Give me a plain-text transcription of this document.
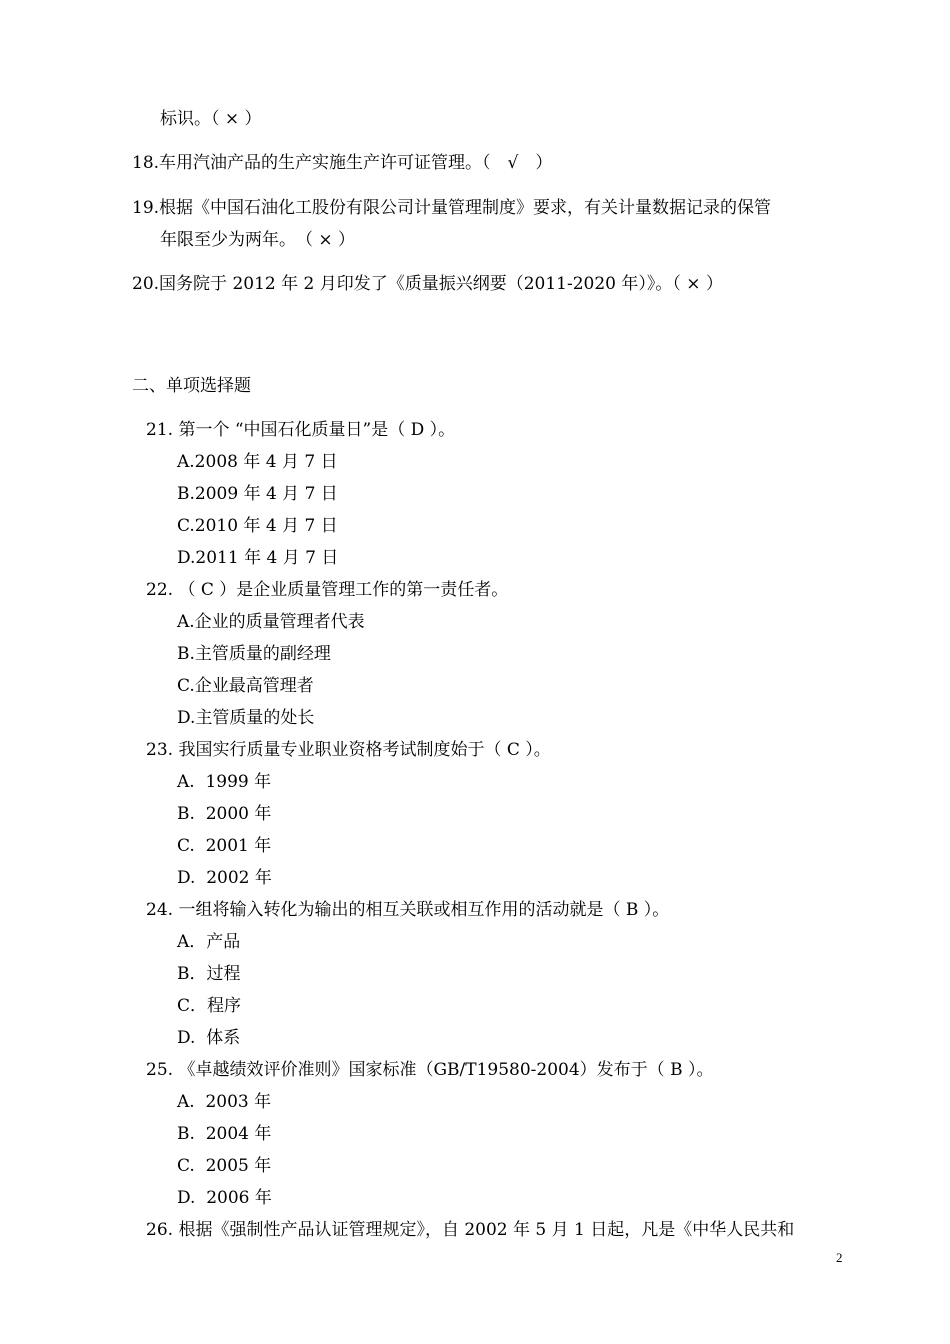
标识。（ × ）
18.车用汽油产品的生产实施生产许可证管理。（　√　）
19.根据《中国石油化工股份有限公司计量管理制度》要求，有关计量数据记录的保管
年限至少为两年。　（ × ）
20.国务院于 2012 年 2 月印发了《质量振兴纲要（2011-2020 年）》。（ × ）
二、单项选择题
21. 第一个 “中国石化质量日”是（ D ）。
A.2008 年 4 月 7 日
B.2009 年 4 月 7 日
C.2010 年 4 月 7 日
D.2011 年 4 月 7 日
22. （ C ）是企业质量管理工作的第一责任者。
A.企业的质量管理者代表
B.主管质量的副经理
C.企业最高管理者
D.主管质量的处长
23. 我国实行质量专业职业资格考试制度始于（ C ）。
A.  1999 年
B.  2000 年
C.  2001 年
D.  2002 年
24. 一组将输入转化为输出的相互关联或相互作用的活动就是（ B ）。
A．产品
B．过程
C．程序
D.  体系
25. 《卓越绩效评价准则》国家标准（GB/T19580-2004）发布于（ B ）。
A.  2003 年
B.  2004 年
C.  2005 年
D.  2006 年
26. 根据《强制性产品认证管理规定》，自 2002 年 5 月 1 日起，凡是《中华人民共和
2
